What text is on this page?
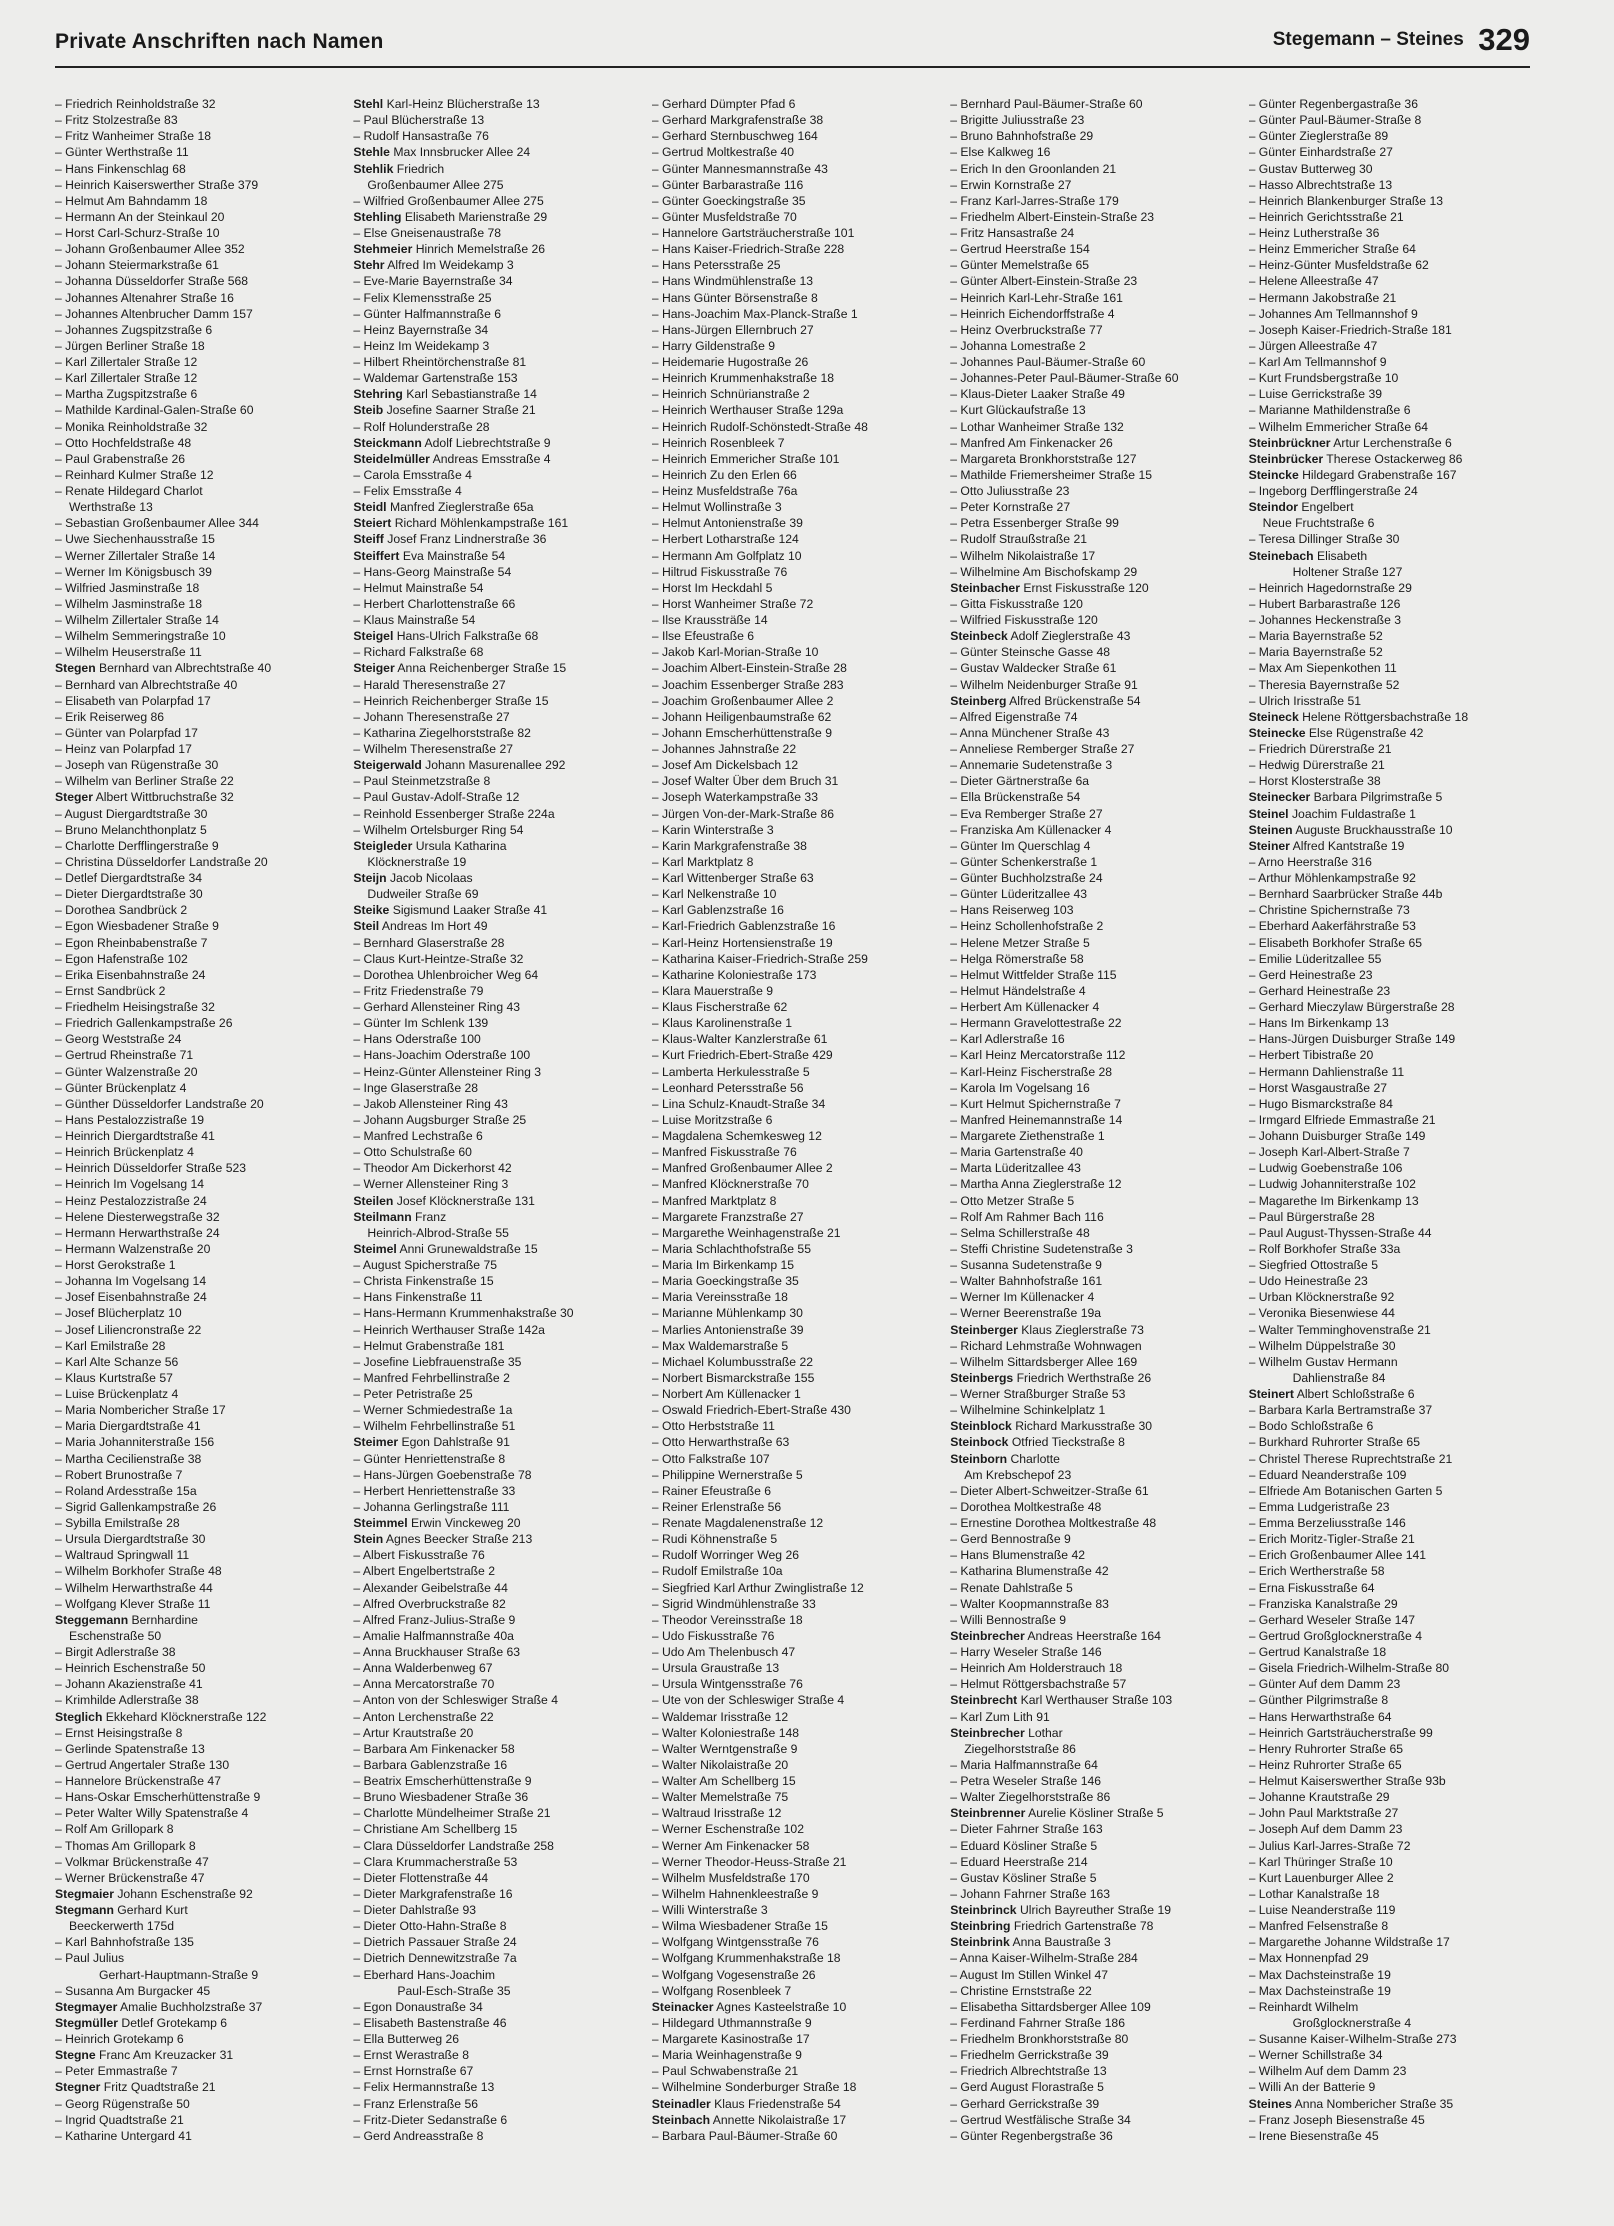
Private Anschriften nach Namen	Stegemann – Steines 329
– Friedrich Reinholdstraße 32
– Fritz Stolzestraße 83
– Fritz Wanheimer Straße 18
– Günter Werthstraße 11
– Hans Finkenschlag 68
– Heinrich Kaiserswerther Straße 379
– Helmut Am Bahndamm 18
– Hermann An der Steinkaul 20
– Horst Carl-Schurz-Straße 10
– Johann Großenbaumer Allee 352
– Johann Steiermarkstraße 61
– Johanna Düsseldorfer Straße 568
– Johannes Altenahrer Straße 16
– Johannes Altenbrucher Damm 157
– Johannes Zugspitzstraße 6
– Jürgen Berliner Straße 18
– Karl Zillertaler Straße 12
– Karl Zillertaler Straße 12
– Martha Zugspitzstraße 6
– Mathilde Kardinal-Galen-Straße 60
– Monika Reinholdstraße 32
– Otto Hochfeldstraße 48
– Paul Grabenstraße 26
– Reinhard Kulmer Straße 12
– Renate Hildegard Charlot
Werthstraße 13
– Sebastian Großenbaumer Allee 344
– Uwe Siechenhausstraße 15
– Werner Zillertaler Straße 14
– Werner Im Königsbusch 39
– Wilfried Jasminstraße 18
– Wilhelm Jasminstraße 18
– Wilhelm Zillertaler Straße 14
– Wilhelm Semmeringstraße 10
– Wilhelm Heuserstraße 11
Stegen Bernhard van Albrechtstraße 40
– Bernhard van Albrechtstraße 40
– Elisabeth van Polarpfad 17
– Erik Reiserweg 86
– Günter van Polarpfad 17
– Heinz van Polarpfad 17
– Joseph van Rügenstraße 30
– Wilhelm van Berliner Straße 22
Steger Albert Wittbruchstraße 32
– August Diergardtstraße 30
– Bruno Melanchthonplatz 5
– Charlotte Derfflingerstraße 9
– Christina Düsseldorfer Landstraße 20
– Detlef Diergardtstraße 34
– Dieter Diergardtstraße 30
– Dorothea Sandbrück 2
– Egon Wiesbadener Straße 9
– Egon Rheinbabenstraße 7
– Egon Hafenstraße 102
– Erika Eisenbahnstraße 24
– Ernst Sandbrück 2
– Friedhelm Heisingstraße 32
– Friedrich Gallenkampstraße 26
– Georg Weststraße 24
– Gertrud Rheinstraße 71
– Günter Walzenstraße 20
– Günter Brückenplatz 4
– Günther Düsseldorfer Landstraße 20
– Hans Pestalozzistraße 19
– Heinrich Diergardtstraße 41
– Heinrich Brückenplatz 4
– Heinrich Düsseldorfer Straße 523
– Heinrich Im Vogelsang 14
– Heinz Pestalozzistraße 24
– Helene Diesterwegstraße 32
– Hermann Herwarthstraße 24
– Hermann Walzenstraße 20
– Horst Gerokstraße 1
– Johanna Im Vogelsang 14
– Josef Eisenbahnstraße 24
– Josef Blücherplatz 10
– Josef Liliencronstraße 22
– Karl Emilstraße 28
– Karl Alte Schanze 56
– Klaus Kurtstraße 57
– Luise Brückenplatz 4
– Maria Nombericher Straße 17
– Maria Diergardtstraße 41
– Maria Johanniterstraße 156
– Martha Cecilienstraße 38
– Robert Brunostraße 7
– Roland Ardesstraße 15a
– Sigrid Gallenkampstraße 26
– Sybilla Emilstraße 28
– Ursula Diergardtstraße 30
– Waltraud Springwall 11
– Wilhelm Borkhofer Straße 48
– Wilhelm Herwarthstraße 44
– Wolfgang Klever Straße 11
Steggemann Bernhardine
Eschenstraße 50
– Birgit Adlerstraße 38
– Heinrich Eschenstraße 50
– Johann Akazienstraße 41
– Krimhilde Adlerstraße 38
Steglich Ekkehard Klöcknerstraße 122
– Ernst Heisingstraße 8
– Gerlinde Spatenstraße 13
– Gertrud Angertaler Straße 130
– Hannelore Brückenstraße 47
– Hans-Oskar Emscherhüttenstraße 9
– Peter Walter Willy Spatenstraße 4
– Rolf Am Grillopark 8
– Thomas Am Grillopark 8
– Volkmar Brückenstraße 47
– Werner Brückenstraße 47
Stegmaier Johann Eschenstraße 92
Stegmann Gerhard Kurt
Beeckerwerth 175d
– Karl Bahnhofstraße 135
– Paul Julius
Gerhart-Hauptmann-Straße 9
– Susanna Am Burgacker 45
Stegmayer Amalie Buchholzstraße 37
Stegmüller Detlef Grotekamp 6
– Heinrich Grotekamp 6
Stegne Franc Am Kreuzacker 31
– Peter Emmastraße 7
Stegner Fritz Quadtstraße 21
– Georg Rügenstraße 50
– Ingrid Quadtstraße 21
– Katharine Untergard 41
Stehl Karl-Heinz Blücherstraße 13
– Paul Blücherstraße 13
– Rudolf Hansastraße 76
Stehle Max Innsbrucker Allee 24
Stehlik Friedrich
Großenbaumer Allee 275
– Wilfried Großenbaumer Allee 275
Stehling Elisabeth Marienstraße 29
– Else Gneisenaustraße 78
Stehmeier Hinrich Memelstraße 26
Stehr Alfred Im Weidekamp 3
– Eve-Marie Bayernstraße 34
– Felix Klemensstraße 25
– Günter Halfmannstraße 6
– Heinz Bayernstraße 34
– Heinz Im Weidekamp 3
– Hilbert Rheintörchenstraße 81
– Waldemar Gartenstraße 153
Stehring Karl Sebastianstraße 14
Steib Josefine Saarner Straße 21
– Rolf Holunderstraße 28
Steickmann Adolf Liebrechtstraße 9
Steidelmüller Andreas Emsstraße 4
– Carola Emsstraße 4
– Felix Emsstraße 4
Steidl Manfred Zieglerstraße 65a
Steiert Richard Möhlenkampstraße 161
Steiff Josef Franz Lindnerstraße 36
Steiffert Eva Mainstraße 54
– Hans-Georg Mainstraße 54
– Helmut Mainstraße 54
– Herbert Charlottenstraße 66
– Klaus Mainstraße 54
Steigel Hans-Ulrich Falkstraße 68
– Richard Falkstraße 68
Steiger Anna Reichenberger Straße 15
– Harald Theresenstraße 27
– Heinrich Reichenberger Straße 15
– Johann Theresenstraße 27
– Katharina Ziegelhorststraße 82
– Wilhelm Theresenstraße 27
Steigerwald Johann Masurenallee 292
– Paul Steinmetzstraße 8
– Paul Gustav-Adolf-Straße 12
– Reinhold Essenberger Straße 224a
– Wilhelm Ortelsburger Ring 54
Steigleder Ursula Katharina
Klöcknerstraße 19
Steijn Jacob Nicolaas
Dudweiler Straße 69
Steike Sigismund Laaker Straße 41
Steil Andreas Im Hort 49
– Bernhard Glaserstraße 28
– Claus Kurt-Heintze-Straße 32
– Dorothea Uhlenbroicher Weg 64
– Fritz Friedenstraße 79
– Gerhard Allensteiner Ring 43
– Günter Im Schlenk 139
– Hans Oderstraße 100
– Hans-Joachim Oderstraße 100
– Heinz-Günter Allensteiner Ring 3
– Inge Glaserstraße 28
– Jakob Allensteiner Ring 43
– Johann Augsburger Straße 25
– Manfred Lechstraße 6
– Otto Schulstraße 60
– Theodor Am Dickerhorst 42
– Werner Allensteiner Ring 3
Steilen Josef Klöcknerstraße 131
Steilmann Franz
Heinrich-Albrod-Straße 55
Steimel Anni Grunewaldstraße 15
– August Spicherstraße 75
– Christa Finkenstraße 15
– Hans Finkenstraße 11
– Hans-Hermann Krummenhakstraße 30
– Heinrich Werthauser Straße 142a
– Helmut Grabenstraße 181
– Josefine Liebfrauenstraße 35
– Manfred Fehrbellinstraße 2
– Peter Petristraße 25
– Werner Schmiedestraße 1a
– Wilhelm Fehrbellinstraße 51
Steimer Egon Dahlstraße 91
– Günter Henriettenstraße 8
– Hans-Jürgen Goebenstraße 78
– Herbert Henriettenstraße 33
– Johanna Gerlingstraße 111
Steimmel Erwin Vinckeweg 20
Stein Agnes Beecker Straße 213
– Albert Fiskusstraße 76
– Albert Engelbertstraße 2
– Alexander Geibelstraße 44
– Alfred Overbruckstraße 82
– Alfred Franz-Julius-Straße 9
– Amalie Halfmannstraße 40a
– Anna Bruckhauser Straße 63
– Anna Walderbenweg 67
– Anna Mercatorstraße 70
– Anton von der Schleswiger Straße 4
– Anton Lerchenstraße 22
– Artur Krautstraße 20
– Barbara Am Finkenacker 58
– Barbara Gablenzstraße 16
– Beatrix Emscherhüttenstraße 9
– Bruno Wiesbadener Straße 36
– Charlotte Mündelheimer Straße 21
– Christiane Am Schellberg 15
– Clara Düsseldorfer Landstraße 258
– Clara Krummacherstraße 53
– Dieter Flottenstraße 44
– Dieter Markgrafenstraße 16
– Dieter Dahlstraße 93
– Dieter Otto-Hahn-Straße 8
– Dietrich Passauer Straße 24
– Dietrich Dennewitzstraße 7a
– Eberhard Hans-Joachim
Paul-Esch-Straße 35
– Egon Donaustraße 34
– Elisabeth Bastenstraße 46
– Ella Butterweg 26
– Ernst Werastraße 8
– Ernst Hornstraße 67
– Felix Hermannstraße 13
– Franz Erlenstraße 56
– Fritz-Dieter Sedanstraße 6
– Gerd Andreasstraße 8
– Gerhard Dümpter Pfad 6
– Gerhard Markgrafenstraße 38
– Gerhard Sternbuschweg 164
– Gertrud Moltkestraße 40
– Günter Mannesmannstraße 43
– Günter Barbarastraße 116
– Günter Goeckingstraße 35
– Günter Musfeldstraße 70
– Hannelore Gartsträucherstraße 101
– Hans Kaiser-Friedrich-Straße 228
– Hans Petersstraße 25
– Hans Windmühlenstraße 13
– Hans Günter Börsenstraße 8
– Hans-Joachim Max-Planck-Straße 1
– Hans-Jürgen Ellernbruch 27
– Harry Gildenstraße 9
– Heidemarie Hugostraße 26
– Heinrich Krummenhakstraße 18
– Heinrich Schnürianstraße 2
– Heinrich Werthauser Straße 129a
– Heinrich Rudolf-Schönstedt-Straße 48
– Heinrich Rosenbleek 7
– Heinrich Emmericher Straße 101
– Heinrich Zu den Erlen 66
– Heinz Musfeldstraße 76a
– Helmut Wollinstraße 3
– Helmut Antonienstraße 39
– Herbert Lotharstraße 124
– Hermann Am Golfplatz 10
– Hiltrud Fiskusstraße 76
– Horst Im Heckdahl 5
– Horst Wanheimer Straße 72
– Ilse Kraussträße 14
– Ilse Efeustraße 6
– Jakob Karl-Morian-Straße 10
– Joachim Albert-Einstein-Straße 28
– Joachim Essenberger Straße 283
– Joachim Großenbaumer Allee 2
– Johann Heiligenbaumstraße 62
– Johann Emscherhüttenstraße 9
– Johannes Jahnstraße 22
– Josef Am Dickelsbach 12
– Josef Walter Über dem Bruch 31
– Joseph Waterkampstraße 33
– Jürgen Von-der-Mark-Straße 86
– Karin Winterstraße 3
– Karin Markgrafenstraße 38
– Karl Marktplatz 8
– Karl Wittenberger Straße 63
– Karl Nelkenstraße 10
– Karl Gablenzstraße 16
– Karl-Friedrich Gablenzstraße 16
– Karl-Heinz Hortensienstraße 19
– Katharina Kaiser-Friedrich-Straße 259
– Katharine Koloniestraße 173
– Klara Mauerstraße 9
– Klaus Fischerstraße 62
– Klaus Karolinenstraße 1
– Klaus-Walter Kanzlerstraße 61
– Kurt Friedrich-Ebert-Straße 429
– Lamberta Herkulesstraße 5
– Leonhard Petersstraße 56
– Lina Schulz-Knaudt-Straße 34
– Luise Moritzstraße 6
– Magdalena Schemkesweg 12
– Manfred Fiskusstraße 76
– Manfred Großenbaumer Allee 2
– Manfred Klöcknerstraße 70
– Manfred Marktplatz 8
– Margarete Franzstraße 27
– Margarethe Weinhagenstraße 21
– Maria Schlachthofstraße 55
– Maria Im Birkenkamp 15
– Maria Goeckingstraße 35
– Maria Vereinsstraße 18
– Marianne Mühlenkamp 30
– Marlies Antonienstraße 39
– Max Waldemarstraße 5
– Michael Kolumbusstraße 22
– Norbert Bismarckstraße 155
– Norbert Am Küllenacker 1
– Oswald Friedrich-Ebert-Straße 430
– Otto Herbststraße 11
– Otto Herwarthstraße 63
– Otto Falkstraße 107
– Philippine Wernerstraße 5
– Rainer Efeustraße 6
– Reiner Erlenstraße 56
– Renate Magdalenenstraße 12
– Rudi Köhnenstraße 5
– Rudolf Worringer Weg 26
– Rudolf Emilstraße 10a
– Siegfried Karl Arthur Zwinglistraße 12
– Sigrid Windmühlenstraße 33
– Theodor Vereinsstraße 18
– Udo Fiskusstraße 76
– Udo Am Thelenbusch 47
– Ursula Graustraße 13
– Ursula Wintgensstraße 76
– Ute von der Schleswiger Straße 4
– Waldemar Irisstraße 12
– Walter Koloniestraße 148
– Walter Werntgenstraße 9
– Walter Nikolaistraße 20
– Walter Am Schellberg 15
– Walter Memelstraße 75
– Waltraud Irisstraße 12
– Werner Eschenstraße 102
– Werner Am Finkenacker 58
– Werner Theodor-Heuss-Straße 21
– Wilhelm Musfeldstraße 170
– Wilhelm Hahnenkleestraße 9
– Willi Winterstraße 3
– Wilma Wiesbadener Straße 15
– Wolfgang Wintgensstraße 76
– Wolfgang Krummenhakstraße 18
– Wolfgang Vogesenstraße 26
– Wolfgang Rosenbleek 7
Steinacker Agnes Kasteelstraße 10
– Hildegard Uthmannstraße 9
– Margarete Kasinostraße 17
– Maria Weinhagenstraße 9
– Paul Schwabenstraße 21
– Wilhelmine Sonderburger Straße 18
Steinadler Klaus Friedenstraße 54
Steinbach Annette Nikolaistraße 17
– Barbara Paul-Bäumer-Straße 60
– Bernhard Paul-Bäumer-Straße 60
– Brigitte Juliusstraße 23
– Bruno Bahnhofstraße 29
– Else Kalkweg 16
– Erich In den Groonlanden 21
– Erwin Kornstraße 27
– Franz Karl-Jarres-Straße 179
– Friedhelm Albert-Einstein-Straße 23
– Fritz Hansastraße 24
– Gertrud Heerstraße 154
– Günter Memelstraße 65
– Günter Albert-Einstein-Straße 23
– Heinrich Karl-Lehr-Straße 161
– Heinrich Eichendorffstraße 4
– Heinz Overbruckstraße 77
– Johanna Lomestraße 2
– Johannes Paul-Bäumer-Straße 60
– Johannes-Peter Paul-Bäumer-Straße 60
– Klaus-Dieter Laaker Straße 49
– Kurt Glückaufstraße 13
– Lothar Wanheimer Straße 132
– Manfred Am Finkenacker 26
– Margareta Bronkhorststraße 127
– Mathilde Friemersheimer Straße 15
– Otto Juliusstraße 23
– Peter Kornstraße 27
– Petra Essenberger Straße 99
– Rudolf Straußstraße 21
– Wilhelm Nikolaistraße 17
– Wilhelmine Am Bischofskamp 29
Steinbacher Ernst Fiskusstraße 120
– Gitta Fiskusstraße 120
– Wilfried Fiskusstraße 120
Steinbeck Adolf Zieglerstraße 43
– Günter Steinsche Gasse 48
– Gustav Waldecker Straße 61
– Wilhelm Neidenburger Straße 91
Steinberg Alfred Brückenstraße 54
– Alfred Eigenstraße 74
– Anna Münchener Straße 43
– Anneliese Remberger Straße 27
– Annemarie Sudetenstraße 3
– Dieter Gärtnerstraße 6a
– Ella Brückenstraße 54
– Eva Remberger Straße 27
– Franziska Am Küllenacker 4
– Günter Im Querschlag 4
– Günter Schenkerstraße 1
– Günter Buchholzstraße 24
– Günter Lüderitzallee 43
– Hans Reiserweg 103
– Heinz Schollenhofstraße 2
– Helene Metzer Straße 5
– Helga Römerstraße 58
– Helmut Wittfelder Straße 115
– Helmut Händelstraße 4
– Herbert Am Küllenacker 4
– Hermann Gravelottestraße 22
– Karl Adlerstraße 16
– Karl Heinz Mercatorstraße 112
– Karl-Heinz Fischerstraße 28
– Karola Im Vogelsang 16
– Kurt Helmut Spichernstraße 7
– Manfred Heinemannstraße 14
– Margarete Ziethenstraße 1
– Maria Gartenstraße 40
– Marta Lüderitzallee 43
– Martha Anna Zieglerstraße 12
– Otto Metzer Straße 5
– Rolf Am Rahmer Bach 116
– Selma Schillerstraße 48
– Steffi Christine Sudetenstraße 3
– Susanna Sudetenstraße 9
– Walter Bahnhofstraße 161
– Werner Im Küllenacker 4
– Werner Beerenstraße 19a
Steinberger Klaus Zieglerstraße 73
– Richard Lehmstraße Wohnwagen
– Wilhelm Sittardsberger Allee 169
Steinbergs Friedrich Werthstraße 26
– Werner Straßburger Straße 53
– Wilhelmine Schinkelplatz 1
Steinblock Richard Markusstraße 30
Steinbock Otfried Tieckstraße 8
Steinborn Charlotte
Am Krebschepof 23
– Dieter Albert-Schweitzer-Straße 61
– Dorothea Moltkestraße 48
– Ernestine Dorothea Moltkestraße 48
– Gerd Bennostraße 9
– Hans Blumenstraße 42
– Katharina Blumenstraße 42
– Renate Dahlstraße 5
– Walter Koopmannstraße 83
– Willi Bennostraße 9
Steinbrecher Andreas Heerstraße 164
– Harry Weseler Straße 146
– Heinrich Am Holderstrauch 18
– Helmut Röttgersbachstraße 57
Steinbrecht Karl Werthauser Straße 103
– Karl Zum Lith 91
Steinbrecher Lothar
Ziegelhorststraße 86
– Maria Halfmannstraße 64
– Petra Weseler Straße 146
– Walter Ziegelhorststraße 86
Steinbrenner Aurelie Kösliner Straße 5
– Dieter Fahrner Straße 163
– Eduard Kösliner Straße 5
– Eduard Heerstraße 214
– Gustav Kösliner Straße 5
– Johann Fahrner Straße 163
Steinbrinck Ulrich Bayreuther Straße 19
Steinbring Friedrich Gartenstraße 78
Steinbrink Anna Baustraße 3
– Anna Kaiser-Wilhelm-Straße 284
– August Im Stillen Winkel 47
– Christine Ernststraße 22
– Elisabetha Sittardsberger Allee 109
– Ferdinand Fahrner Straße 186
– Friedhelm Bronkhorststraße 80
– Friedhelm Gerrickstraße 39
– Friedrich Albrechtstraße 13
– Gerd August Florastraße 5
– Gerhard Gerrickstraße 39
– Gertrud Westfälische Straße 34
– Günter Regenbergstraße 36
– Günter Regenbergastraße 36
– Günter Paul-Bäumer-Straße 8
– Günter Zieglerstraße 89
– Günter Einhardstraße 27
– Gustav Butterweg 30
– Hasso Albrechtstraße 13
– Heinrich Blankenburger Straße 13
– Heinrich Gerichtsstraße 21
– Heinz Lutherstraße 36
– Heinz Emmericher Straße 64
– Heinz-Günter Musfeldstraße 62
– Helene Alleestraße 47
– Hermann Jakobstraße 21
– Johannes Am Tellmannshof 9
– Joseph Kaiser-Friedrich-Straße 181
– Jürgen Alleestraße 47
– Karl Am Tellmannshof 9
– Kurt Frundsbergstraße 10
– Luise Gerrickstraße 39
– Marianne Mathildenstraße 6
– Wilhelm Emmericher Straße 64
Steinbrückner Artur Lerchenstraße 6
Steinbrücker Therese Ostackerweg 86
Steincke Hildegard Grabenstraße 167
– Ingeborg Derfflingerstraße 24
Steindor Engelbert
Neue Fruchtstraße 6
– Teresa Dillinger Straße 30
Steinebach Elisabeth
Holtener Straße 127
– Heinrich Hagedornstraße 29
– Hubert Barbarastraße 126
– Johannes Heckenstraße 3
– Maria Bayernstraße 52
– Maria Bayernstraße 52
– Max Am Siepenkothen 11
– Theresia Bayernstraße 52
– Ulrich Irisstraße 51
Steineck Helene Röttgersbachstraße 18
Steinecke Else Rügenstraße 42
– Friedrich Dürerstraße 21
– Hedwig Dürerstraße 21
– Horst Klosterstraße 38
Steinecker Barbara Pilgrimstraße 5
Steinel Joachim Fuldastraße 1
Steinen Auguste Bruckhausstraße 10
Steiner Alfred Kantstraße 19
– Arno Heerstraße 316
– Arthur Möhlenkampstraße 92
– Bernhard Saarbrücker Straße 44b
– Christine Spichernstraße 73
– Eberhard Aakerfährstraße 53
– Elisabeth Borkhofer Straße 65
– Emilie Lüderitzallee 55
– Gerd Heinestraße 23
– Gerhard Heinestraße 23
– Gerhard Mieczylaw Bürgerstraße 28
– Hans Im Birkenkamp 13
– Hans-Jürgen Duisburger Straße 149
– Herbert Tibistraße 20
– Hermann Dahlienstraße 11
– Horst Wasgaustraße 27
– Hugo Bismarckstraße 84
– Irmgard Elfriede Emmastraße 21
– Johann Duisburger Straße 149
– Joseph Karl-Albert-Straße 7
– Ludwig Goebenstraße 106
– Ludwig Johanniterstraße 102
– Magarethe Im Birkenkamp 13
– Paul Bürgerstraße 28
– Paul August-Thyssen-Straße 44
– Rolf Borkhofer Straße 33a
– Siegfried Ottostraße 5
– Udo Heinestraße 23
– Urban Klöcknerstraße 92
– Veronika Biesenwiese 44
– Walter Temminghovenstraße 21
– Wilhelm Düppelstraße 30
– Wilhelm Gustav Hermann
Dahlienstraße 84
Steinert Albert Schloßstraße 6
– Barbara Karla Bertramstraße 37
– Bodo Schloßstraße 6
– Burkhard Ruhrorter Straße 65
– Christel Therese Ruprechtstraße 21
– Eduard Neanderstraße 109
– Elfriede Am Botanischen Garten 5
– Emma Ludgeristraße 23
– Emma Berzeliusstraße 146
– Erich Moritz-Tigler-Straße 21
– Erich Großenbaumer Allee 141
– Erich Wertherstraße 58
– Erna Fiskusstraße 64
– Franziska Kanalstraße 29
– Gerhard Weseler Straße 147
– Gertrud Großglocknerstraße 4
– Gertrud Kanalstraße 18
– Gisela Friedrich-Wilhelm-Straße 80
– Günter Auf dem Damm 23
– Günther Pilgrimstraße 8
– Hans Herwarthstraße 64
– Heinrich Gartsträucherstraße 99
– Henry Ruhrorter Straße 65
– Heinz Ruhrorter Straße 65
– Helmut Kaiserswerther Straße 93b
– Johanne Krautstraße 29
– John Paul Marktstraße 27
– Joseph Auf dem Damm 23
– Julius Karl-Jarres-Straße 72
– Karl Thüringer Straße 10
– Kurt Lauenburger Allee 2
– Lothar Kanalstraße 18
– Luise Neanderstraße 119
– Manfred Felsenstraße 8
– Margarethe Johanne Wildstraße 17
– Max Honnenpfad 29
– Max Dachsteinstraße 19
– Max Dachsteinstraße 19
– Reinhardt Wilhelm
Großglocknerstraße 4
– Susanne Kaiser-Wilhelm-Straße 273
– Werner Schillstraße 34
– Wilhelm Auf dem Damm 23
– Willi An der Batterie 9
Steines Anna Nombericher Straße 35
– Franz Joseph Biesenstraße 45
– Irene Biesenstraße 45
